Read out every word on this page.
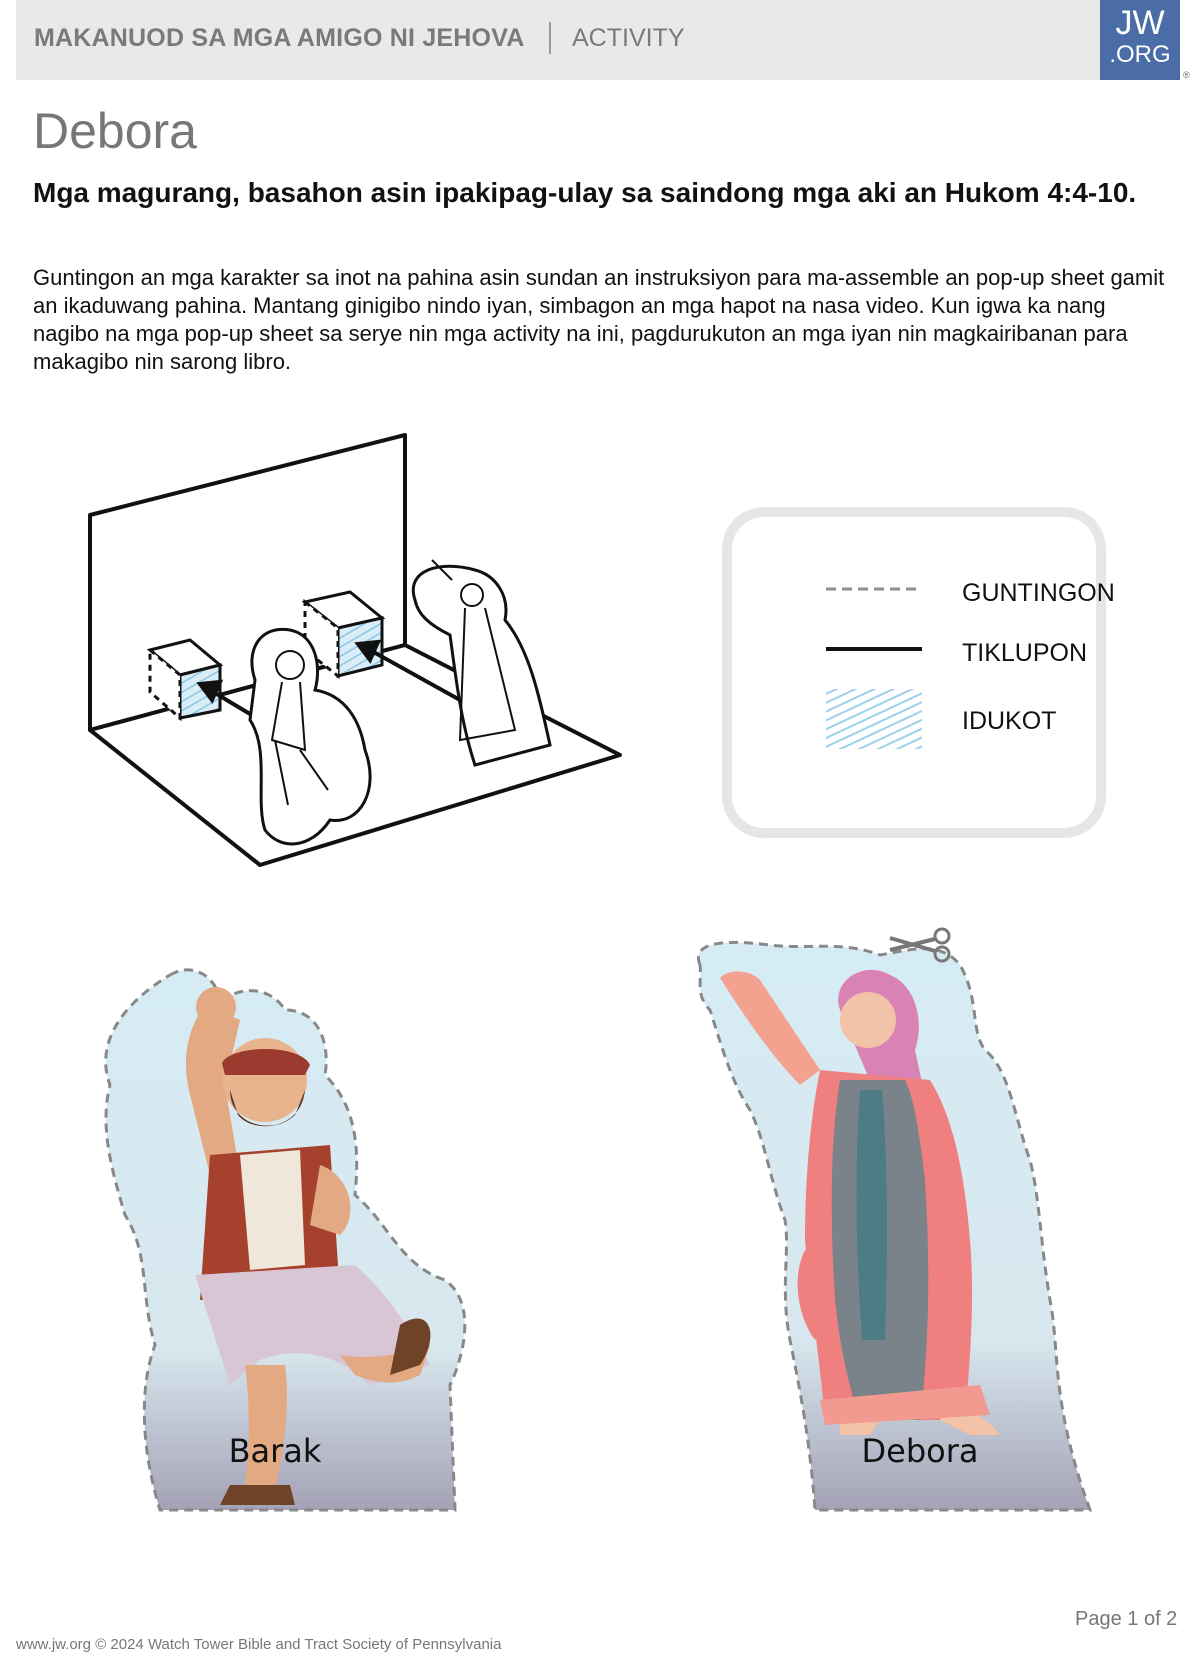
MAKANUOD SA MGA AMIGO NI JEHOVA ACTIVITY	JW
.ORG
®
Debora
Mga magurang, basahon asin ipakipag-ulay sa saindong mga aki an Hukom 4:4-10.
Guntingon an mga karakter sa inot na pahina asin sundan an instruksiyon para ma-assemble an pop-up sheet gamit an ikaduwang pahina. Mantang ginigibo nindo iyan, simbagon an mga hapot na nasa video. Kun igwa ka nang nagibo na mga pop-up sheet sa serye nin mga activity na ini, pagdurukuton an mga iyan nin magkairibanan para makagibo nin sarong libro.
GUNTINGON
TIKLUPON
IDUKOT
Barak	Debora
Page 1 of 2
www.jw.org © 2024 Watch Tower Bible and Tract Society of Pennsylvania
